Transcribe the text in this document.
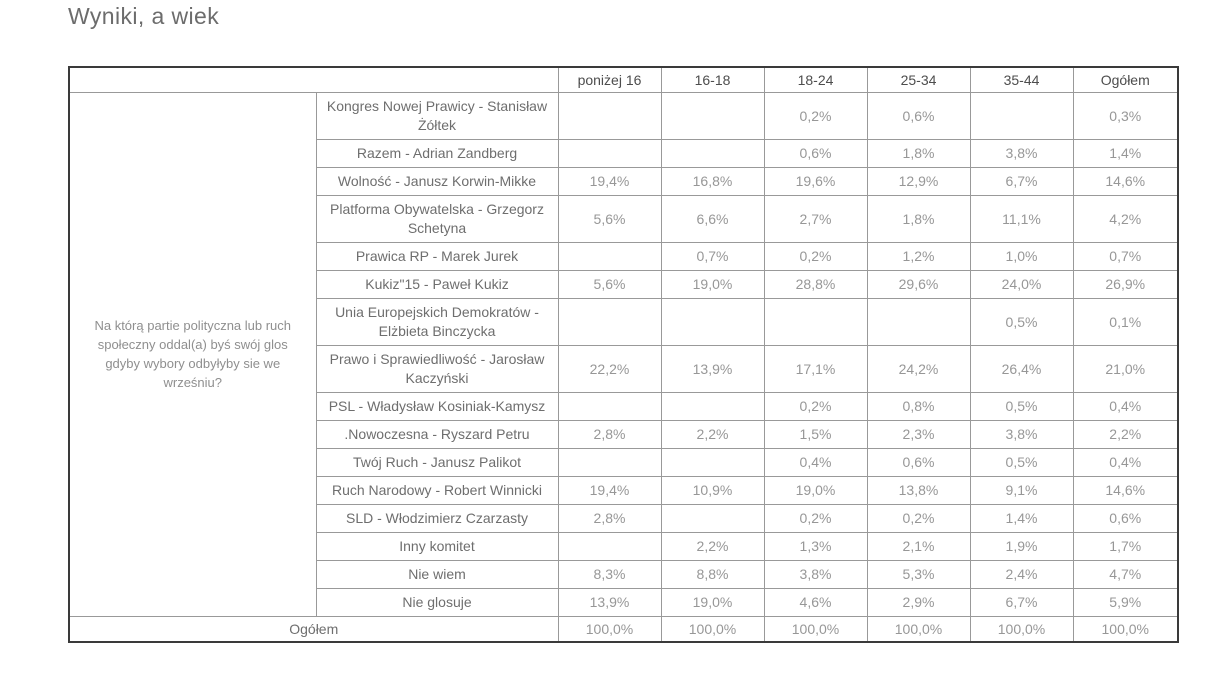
Wyniki, a wiek
		poniżej 16	16-18	18-24	25-34	35-44	Ogółem
Na którą partie polityczna lub ruch społeczny oddal(a) byś swój glos gdyby wybory odbyłyby sie we wrześniu?	Kongres Nowej Prawicy - Stanisław Żółtek			0,2%	0,6%		0,3%
	Razem - Adrian Zandberg			0,6%	1,8%	3,8%	1,4%
	Wolność - Janusz Korwin-Mikke	19,4%	16,8%	19,6%	12,9%	6,7%	14,6%
	Platforma Obywatelska - Grzegorz Schetyna	5,6%	6,6%	2,7%	1,8%	11,1%	4,2%
	Prawica RP - Marek Jurek		0,7%	0,2%	1,2%	1,0%	0,7%
	Kukiz"15 - Paweł Kukiz	5,6%	19,0%	28,8%	29,6%	24,0%	26,9%
	Unia Europejskich Demokratów - Elżbieta Binczycka					0,5%	0,1%
	Prawo i Sprawiedliwość - Jarosław Kaczyński	22,2%	13,9%	17,1%	24,2%	26,4%	21,0%
	PSL - Władysław Kosiniak-Kamysz			0,2%	0,8%	0,5%	0,4%
	.Nowoczesna - Ryszard Petru	2,8%	2,2%	1,5%	2,3%	3,8%	2,2%
	Twój Ruch - Janusz Palikot			0,4%	0,6%	0,5%	0,4%
	Ruch Narodowy - Robert Winnicki	19,4%	10,9%	19,0%	13,8%	9,1%	14,6%
	SLD - Włodzimierz Czarzasty	2,8%		0,2%	0,2%	1,4%	0,6%
	Inny komitet		2,2%	1,3%	2,1%	1,9%	1,7%
	Nie wiem	8,3%	8,8%	3,8%	5,3%	2,4%	4,7%
	Nie glosuje	13,9%	19,0%	4,6%	2,9%	6,7%	5,9%
Ogółem		100,0%	100,0%	100,0%	100,0%	100,0%	100,0%
